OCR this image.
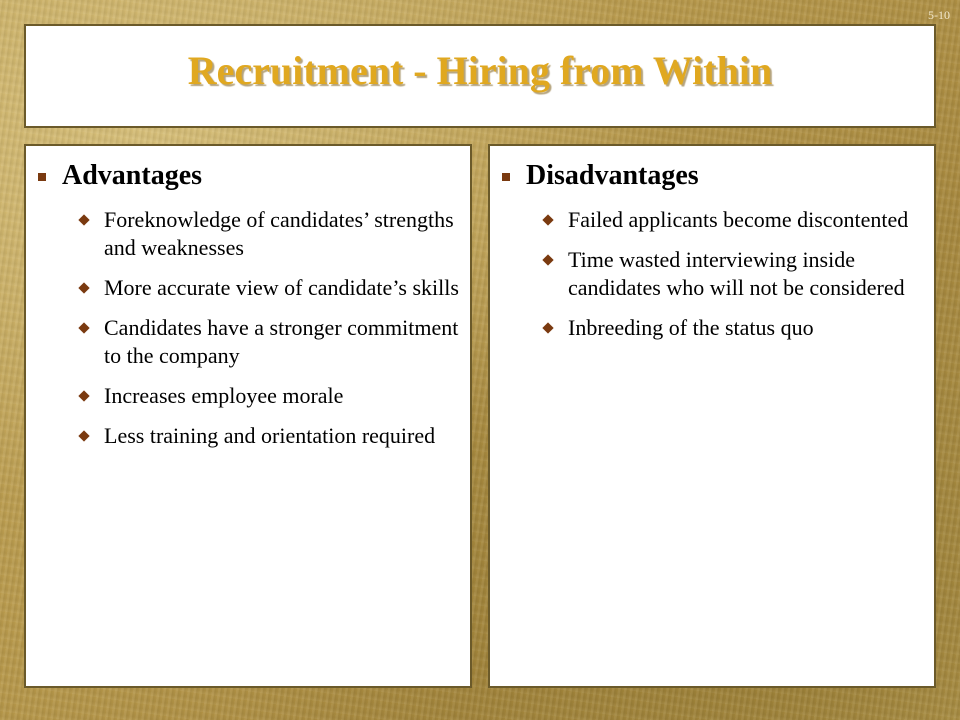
5-10
Recruitment - Hiring from Within
Advantages
Foreknowledge of candidates’ strengths and weaknesses
More accurate view of candidate’s skills
Candidates have a stronger commitment to the company
Increases employee morale
Less training and orientation required
Disadvantages
Failed applicants become discontented
Time wasted interviewing inside candidates who will not be considered
Inbreeding of the status quo
